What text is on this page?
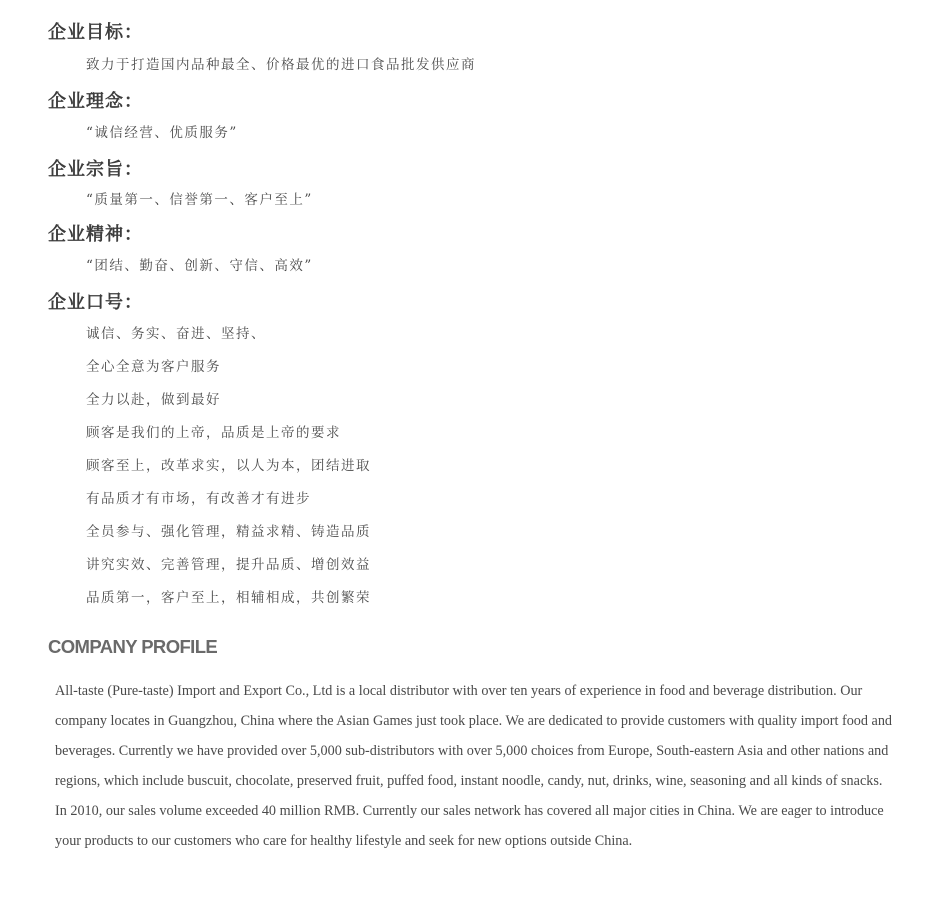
企业目标：
致力于打造国内品种最全、价格最优的进口食品批发供应商
企业理念：
“诚信经营、优质服务”
企业宗旨：
“质量第一、信誉第一、客户至上”
企业精神：
“团结、勤奋、创新、守信、高效”
企业口号：
诚信、务实、奋进、坚持、
全心全意为客户服务
全力以赴，做到最好
顾客是我们的上帝，品质是上帝的要求
顾客至上，改革求实，以人为本，团结进取
有品质才有市场，有改善才有进步
全员参与、强化管理，精益求精、铸造品质
讲究实效、完善管理，提升品质、增创效益
品质第一，客户至上，相辅相成，共创繁荣
COMPANY PROFILE

All-taste (Pure-taste) Import and Export Co., Ltd is a local distributor with over ten years of experience in food and beverage distribution. Our company locates in Guangzhou, China where the Asian Games just took place. We are dedicated to provide customers with quality import food and beverages. Currently we have provided over 5,000 sub-distributors with over 5,000 choices from Europe, South-eastern Asia and other nations and regions, which include buscuit, chocolate, preserved fruit, puffed food, instant noodle, candy, nut, drinks, wine, seasoning and all kinds of snacks. In 2010, our sales volume exceeded 40 million RMB. Currently our sales network has covered all major cities in China. We are eager to introduce your products to our customers who care for healthy lifestyle and seek for new options outside China.
